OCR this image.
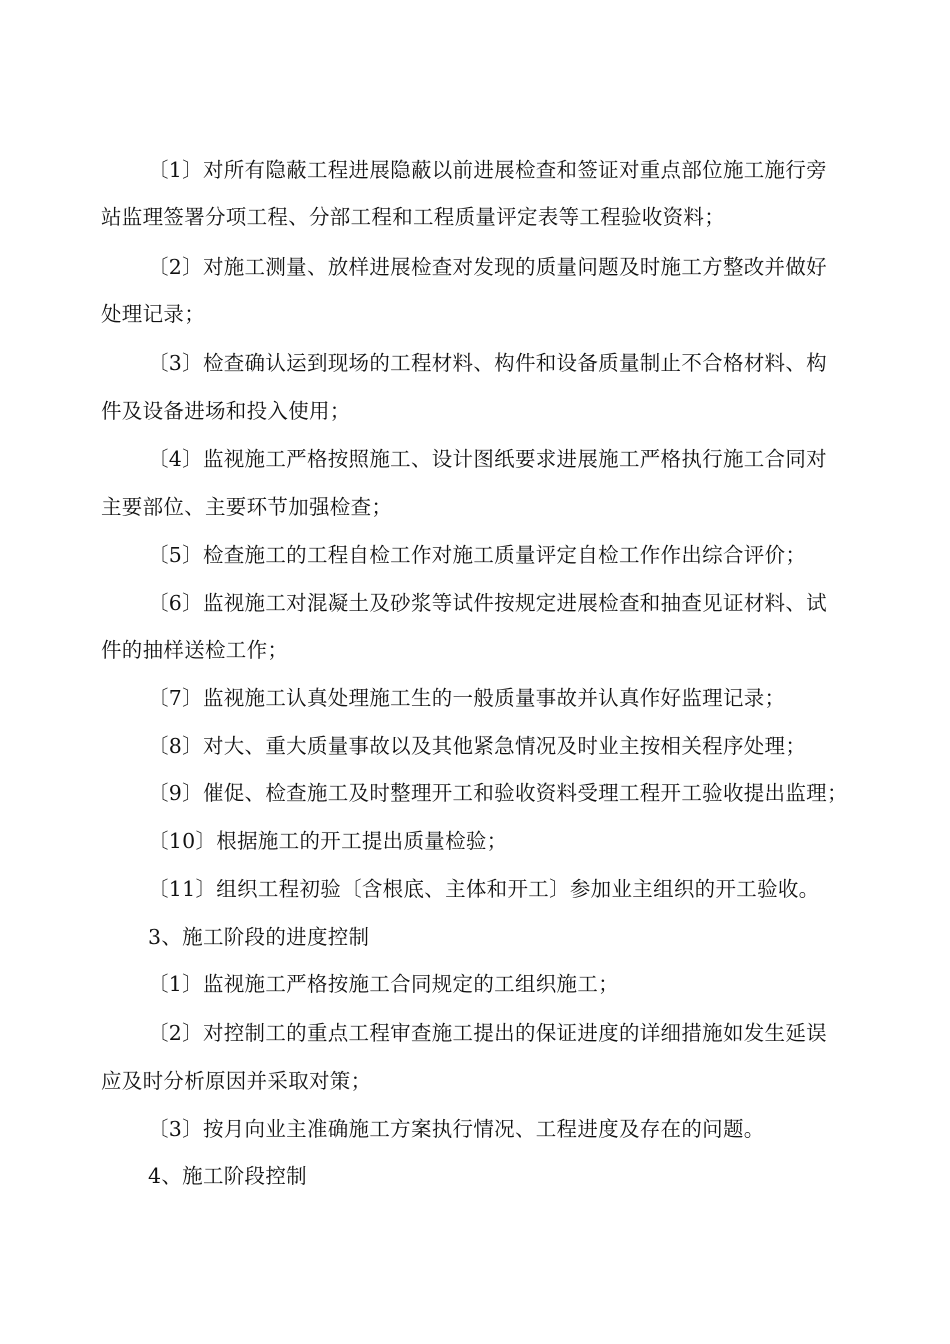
〔1〕对所有隐蔽工程进展隐蔽以前进展检查和签证对重点部位施工施行旁
站监理签署分项工程、分部工程和工程质量评定表等工程验收资料；
〔2〕对施工测量、放样进展检查对发现的质量问题及时施工方整改并做好
处理记录；
〔3〕检查确认运到现场的工程材料、构件和设备质量制止不合格材料、构
件及设备进场和投入使用；
〔4〕监视施工严格按照施工、设计图纸要求进展施工严格执行施工合同对
主要部位、主要环节加强检查；
〔5〕检查施工的工程自检工作对施工质量评定自检工作作出综合评价；
〔6〕监视施工对混凝土及砂浆等试件按规定进展检查和抽查见证材料、试
件的抽样送检工作；
〔7〕监视施工认真处理施工生的一般质量事故并认真作好监理记录；
〔8〕对大、重大质量事故以及其他紧急情况及时业主按相关程序处理；
〔9〕催促、检查施工及时整理开工和验收资料受理工程开工验收提出监理；
〔10〕根据施工的开工提出质量检验；
〔11〕组织工程初验〔含根底、主体和开工〕参加业主组织的开工验收。
3、施工阶段的进度控制
〔1〕监视施工严格按施工合同规定的工组织施工；
〔2〕对控制工的重点工程审查施工提出的保证进度的详细措施如发生延误
应及时分析原因并采取对策；
〔3〕按月向业主准确施工方案执行情况、工程进度及存在的问题。
4、施工阶段控制
